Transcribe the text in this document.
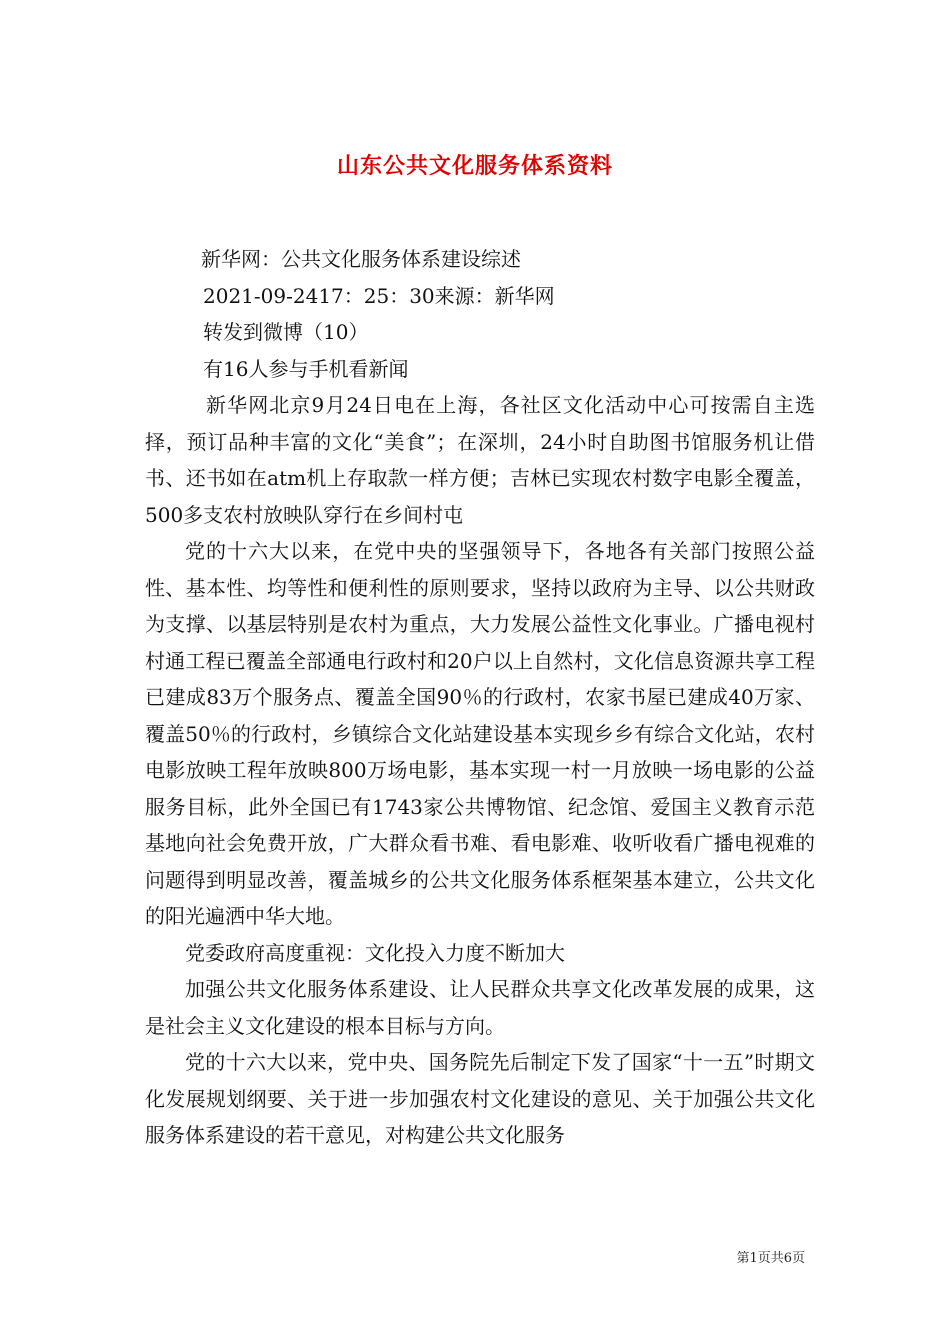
山东公共文化服务体系资料

新华网：公共文化服务体系建设综述

2021-09-2417：25：30来源：新华网

转发到微博（10）

有16人参与手机看新闻

新华网北京9月24日电在上海，各社区文化活动中心可按需自主选择，预订品种丰富的文化“美食”；在深圳，24小时自助图书馆服务机让借书、还书如在atm机上存取款一样方便；吉林已实现农村数字电影全覆盖，500多支农村放映队穿行在乡间村屯

党的十六大以来，在党中央的坚强领导下，各地各有关部门按照公益性、基本性、均等性和便利性的原则要求，坚持以政府为主导、以公共财政为支撑、以基层特别是农村为重点，大力发展公益性文化事业。广播电视村村通工程已覆盖全部通电行政村和20户以上自然村，文化信息资源共享工程已建成83万个服务点、覆盖全国90％的行政村，农家书屋已建成40万家、覆盖50％的行政村，乡镇综合文化站建设基本实现乡乡有综合文化站，农村电影放映工程年放映800万场电影，基本实现一村一月放映一场电影的公益服务目标，此外全国已有1743家公共博物馆、纪念馆、爱国主义教育示范基地向社会免费开放，广大群众看书难、看电影难、收听收看广播电视难的问题得到明显改善，覆盖城乡的公共文化服务体系框架基本建立，公共文化的阳光遍洒中华大地。

党委政府高度重视：文化投入力度不断加大

加强公共文化服务体系建设、让人民群众共享文化改革发展的成果，这是社会主义文化建设的根本目标与方向。

党的十六大以来，党中央、国务院先后制定下发了国家“十一五”时期文化发展规划纲要、关于进一步加强农村文化建设的意见、关于加强公共文化服务体系建设的若干意见，对构建公共文化服务

第1页共6页
